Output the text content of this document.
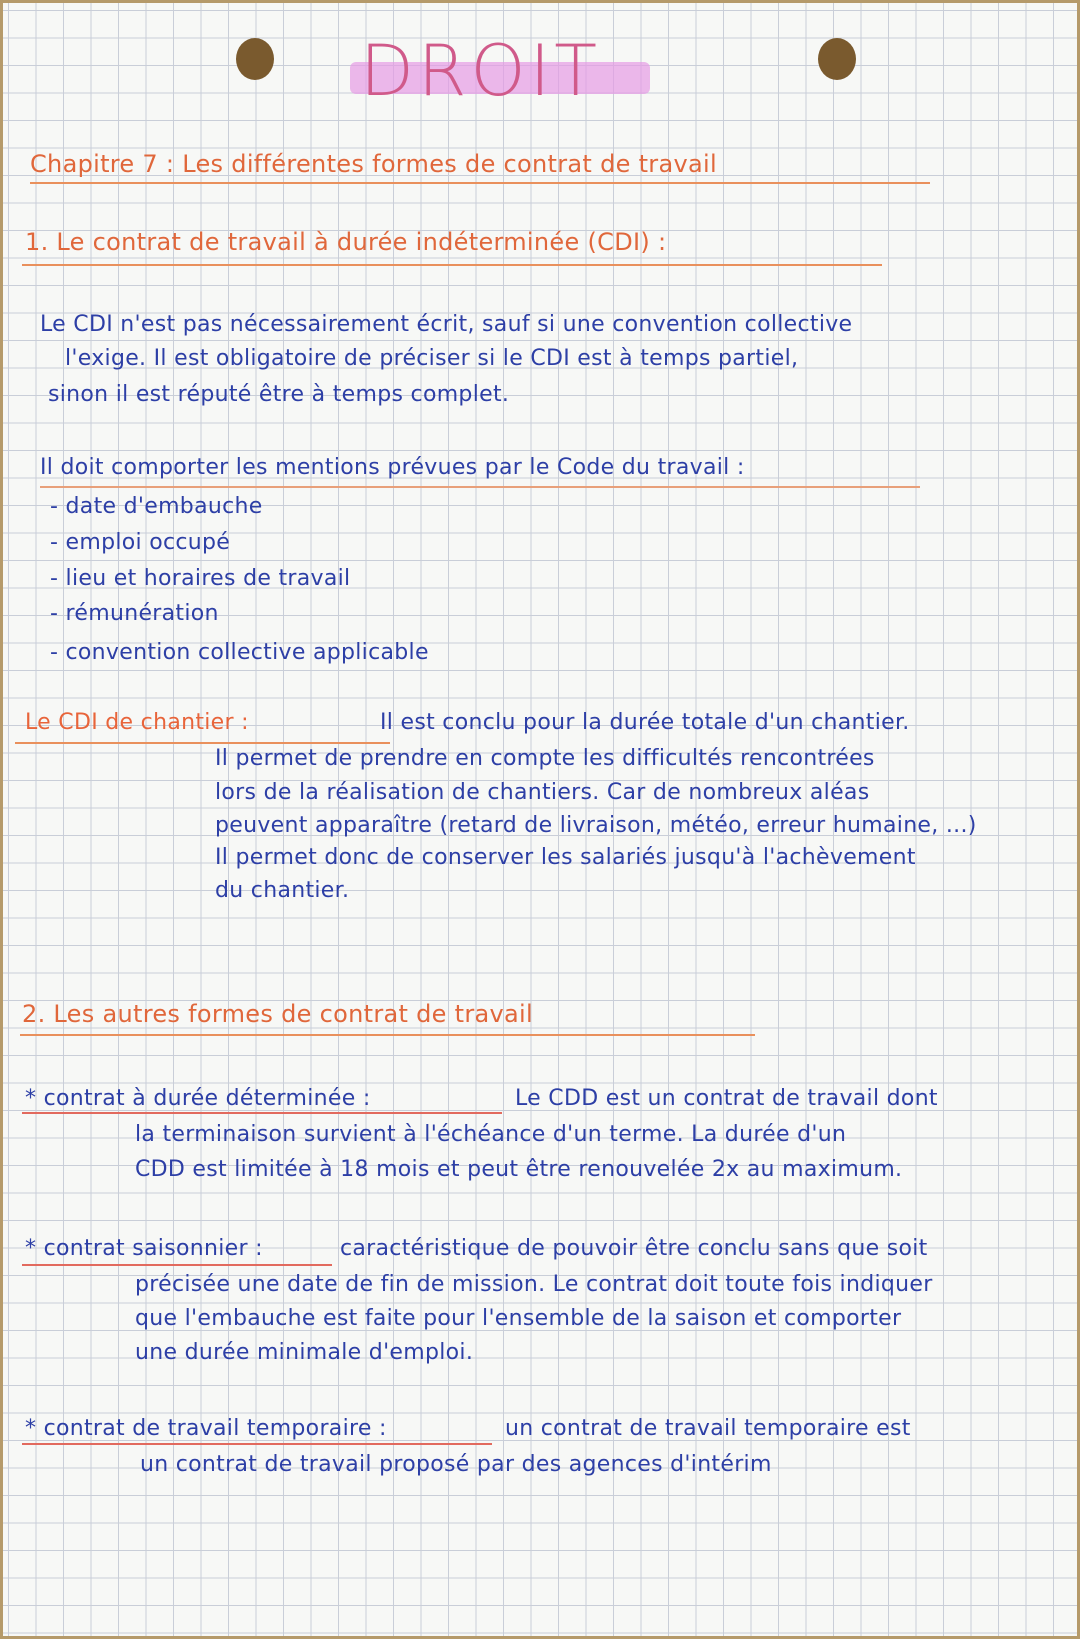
DROIT
Chapitre 7 : Les différentes formes de contrat de travail
1. Le contrat de travail à durée indéterminée (CDI) :
Le CDI n'est pas nécessairement écrit, sauf si une convention collective
l'exige. Il est obligatoire de préciser si le CDI est à temps partiel,
sinon il est réputé être à temps complet.
Il doit comporter les mentions prévues par le Code du travail :
- date d'embauche
- emploi occupé
- lieu et horaires de travail
- rémunération
- convention collective applicable
Le CDI de chantier :	Il est conclu pour la durée totale d'un chantier.
Il permet de prendre en compte les difficultés rencontrées
lors de la réalisation de chantiers. Car de nombreux aléas
peuvent apparaître (retard de livraison, météo, erreur humaine, ...)
Il permet donc de conserver les salariés jusqu'à l'achèvement
du chantier.
2. Les autres formes de contrat de travail
* contrat à durée déterminée :	Le CDD est un contrat de travail dont
la terminaison survient à l'échéance d'un terme. La durée d'un
CDD est limitée à 18 mois et peut être renouvelée 2x au maximum.
* contrat saisonnier :	caractéristique de pouvoir être conclu sans que soit
précisée une date de fin de mission. Le contrat doit toute fois indiquer
que l'embauche est faite pour l'ensemble de la saison et comporter
une durée minimale d'emploi.
* contrat de travail temporaire :	un contrat de travail temporaire est
un contrat de travail proposé par des agences d'intérim
